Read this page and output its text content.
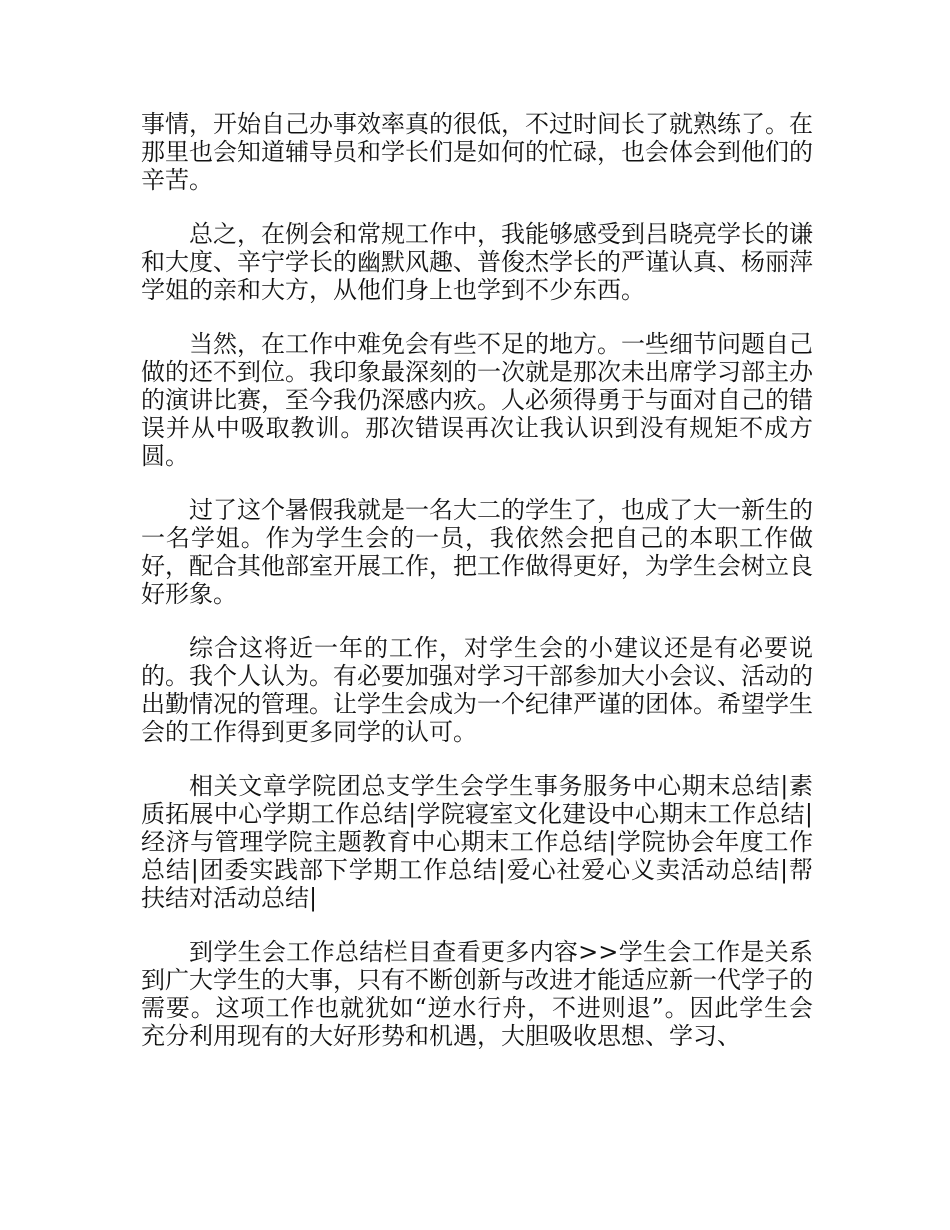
事情，开始自己办事效率真的很低，不过时间长了就熟练了。在那里也会知道辅导员和学长们是如何的忙碌，也会体会到他们的辛苦。

总之，在例会和常规工作中，我能够感受到吕晓亮学长的谦和大度、辛宁学长的幽默风趣、普俊杰学长的严谨认真、杨丽萍学姐的亲和大方，从他们身上也学到不少东西。

当然，在工作中难免会有些不足的地方。一些细节问题自己做的还不到位。我印象最深刻的一次就是那次未出席学习部主办的演讲比赛，至今我仍深感内疚。人必须得勇于与面对自己的错误并从中吸取教训。那次错误再次让我认识到没有规矩不成方圆。

过了这个暑假我就是一名大二的学生了，也成了大一新生的一名学姐。作为学生会的一员，我依然会把自己的本职工作做好，配合其他部室开展工作，把工作做得更好，为学生会树立良好形象。

综合这将近一年的工作，对学生会的小建议还是有必要说的。我个人认为。有必要加强对学习干部参加大小会议、活动的出勤情况的管理。让学生会成为一个纪律严谨的团体。希望学生会的工作得到更多同学的认可。

相关文章学院团总支学生会学生事务服务中心期末总结|素质拓展中心学期工作总结|学院寝室文化建设中心期末工作总结|经济与管理学院主题教育中心期末工作总结|学院协会年度工作总结|团委实践部下学期工作总结|爱心社爱心义卖活动总结|帮扶结对活动总结|

到学生会工作总结栏目查看更多内容>>学生会工作是关系到广大学生的大事，只有不断创新与改进才能适应新一代学子的需要。这项工作也就犹如“逆水行舟，不进则退”。因此学生会充分利用现有的大好形势和机遇，大胆吸收思想、学习、
